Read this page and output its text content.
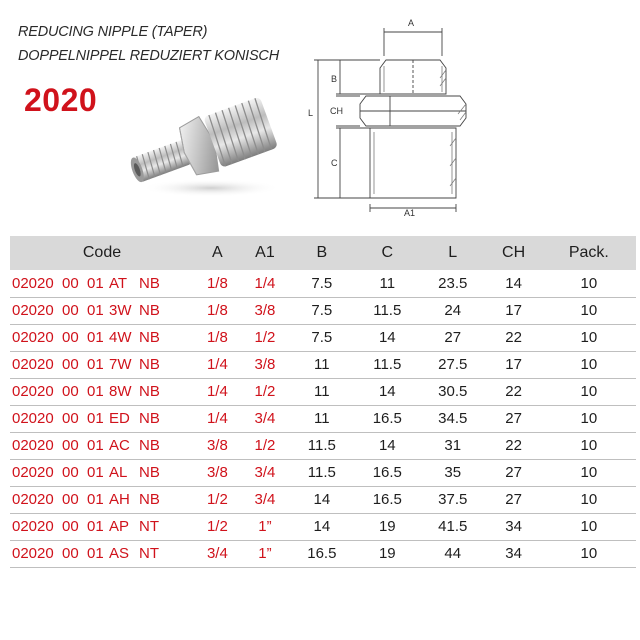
REDUCING NIPPLE (TAPER)
DOPPELNIPPEL REDUZIERT KONISCH
2020
A
B
CH
C
L
A1
Code	A	A1	B	C	L	CH	Pack.
02020 00 01 AT NB	1/8	1/4	7.5	11	23.5	14	10
02020 00 01 3W NB	1/8	3/8	7.5	11.5	24	17	10
02020 00 01 4W NB	1/8	1/2	7.5	14	27	22	10
02020 00 01 7W NB	1/4	3/8	11	11.5	27.5	17	10
02020 00 01 8W NB	1/4	1/2	11	14	30.5	22	10
02020 00 01 ED NB	1/4	3/4	11	16.5	34.5	27	10
02020 00 01 AC NB	3/8	1/2	11.5	14	31	22	10
02020 00 01 AL NB	3/8	3/4	11.5	16.5	35	27	10
02020 00 01 AH NB	1/2	3/4	14	16.5	37.5	27	10
02020 00 01 AP NT	1/2	1”	14	19	41.5	34	10
02020 00 01 AS NT	3/4	1”	16.5	19	44	34	10
